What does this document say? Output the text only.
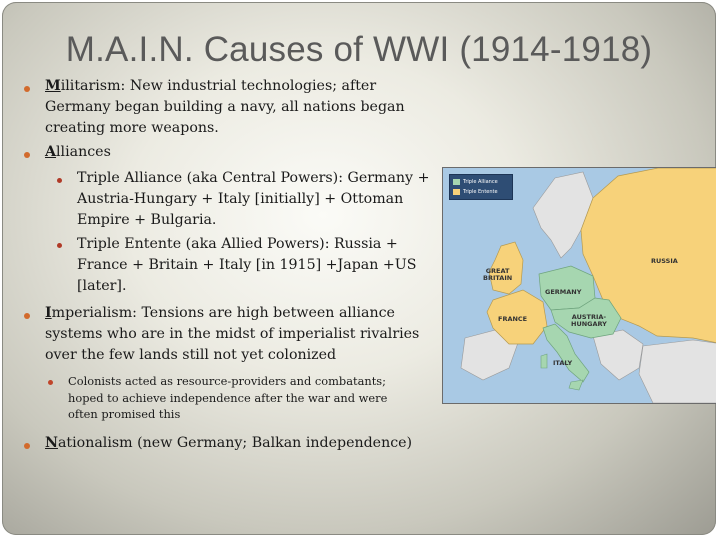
M.A.I.N. Causes of WWI (1914-1918)
Militarism: New industrial technologies; after
Germany began building a navy, all nations began
creating more weapons.
Alliances
Triple Alliance (aka Central Powers): Germany +
Austria-Hungary + Italy [initially] + Ottoman
Empire + Bulgaria.
Triple Entente (aka Allied Powers): Russia +
France + Britain + Italy [in 1915] +Japan +US
[later].
Imperialism: Tensions are high between alliance
systems who are in the midst of imperialist rivalries
over the few lands still not yet colonized
Colonists acted as resource-providers and combatants;
hoped to achieve independence after the war and were
often promised this
Nationalism (new Germany; Balkan independence)
Triple Alliance
Triple Entente
GREAT
BRITAIN
FRANCE
GERMANY
AUSTRIA-
HUNGARY
ITALY
RUSSIA
